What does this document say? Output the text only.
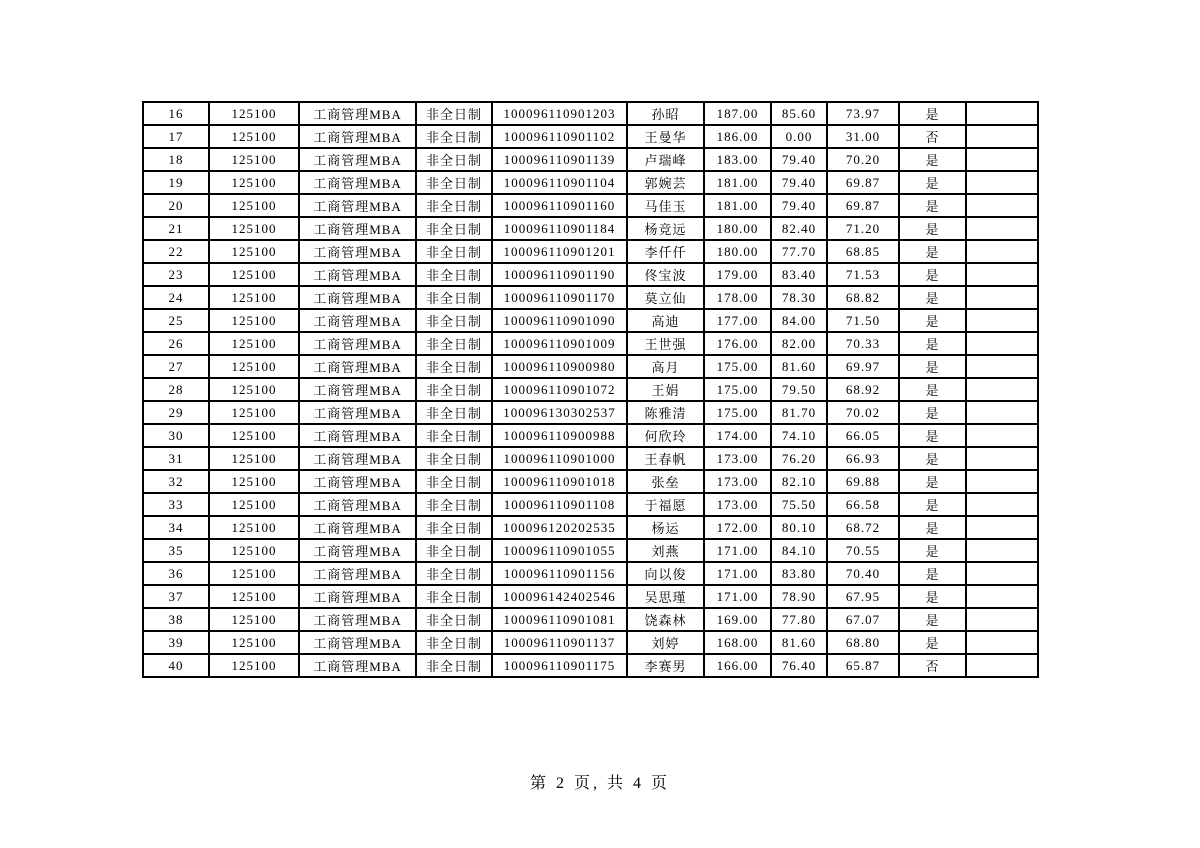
16	125100	工商管理MBA	非全日制	100096110901203	孙昭	187.00	85.60	73.97	是	
17	125100	工商管理MBA	非全日制	100096110901102	王曼华	186.00	0.00	31.00	否	
18	125100	工商管理MBA	非全日制	100096110901139	卢瑞峰	183.00	79.40	70.20	是	
19	125100	工商管理MBA	非全日制	100096110901104	郭婉芸	181.00	79.40	69.87	是	
20	125100	工商管理MBA	非全日制	100096110901160	马佳玉	181.00	79.40	69.87	是	
21	125100	工商管理MBA	非全日制	100096110901184	杨竞远	180.00	82.40	71.20	是	
22	125100	工商管理MBA	非全日制	100096110901201	李仟仟	180.00	77.70	68.85	是	
23	125100	工商管理MBA	非全日制	100096110901190	佟宝波	179.00	83.40	71.53	是	
24	125100	工商管理MBA	非全日制	100096110901170	莫立仙	178.00	78.30	68.82	是	
25	125100	工商管理MBA	非全日制	100096110901090	高迪	177.00	84.00	71.50	是	
26	125100	工商管理MBA	非全日制	100096110901009	王世强	176.00	82.00	70.33	是	
27	125100	工商管理MBA	非全日制	100096110900980	高月	175.00	81.60	69.97	是	
28	125100	工商管理MBA	非全日制	100096110901072	王娟	175.00	79.50	68.92	是	
29	125100	工商管理MBA	非全日制	100096130302537	陈雅清	175.00	81.70	70.02	是	
30	125100	工商管理MBA	非全日制	100096110900988	何欣玲	174.00	74.10	66.05	是	
31	125100	工商管理MBA	非全日制	100096110901000	王春帆	173.00	76.20	66.93	是	
32	125100	工商管理MBA	非全日制	100096110901018	张垒	173.00	82.10	69.88	是	
33	125100	工商管理MBA	非全日制	100096110901108	于福愿	173.00	75.50	66.58	是	
34	125100	工商管理MBA	非全日制	100096120202535	杨运	172.00	80.10	68.72	是	
35	125100	工商管理MBA	非全日制	100096110901055	刘燕	171.00	84.10	70.55	是	
36	125100	工商管理MBA	非全日制	100096110901156	向以俊	171.00	83.80	70.40	是	
37	125100	工商管理MBA	非全日制	100096142402546	吴思瑾	171.00	78.90	67.95	是	
38	125100	工商管理MBA	非全日制	100096110901081	饶森林	169.00	77.80	67.07	是	
39	125100	工商管理MBA	非全日制	100096110901137	刘婷	168.00	81.60	68.80	是	
40	125100	工商管理MBA	非全日制	100096110901175	李赛男	166.00	76.40	65.87	否	
第 2 页, 共 4 页
